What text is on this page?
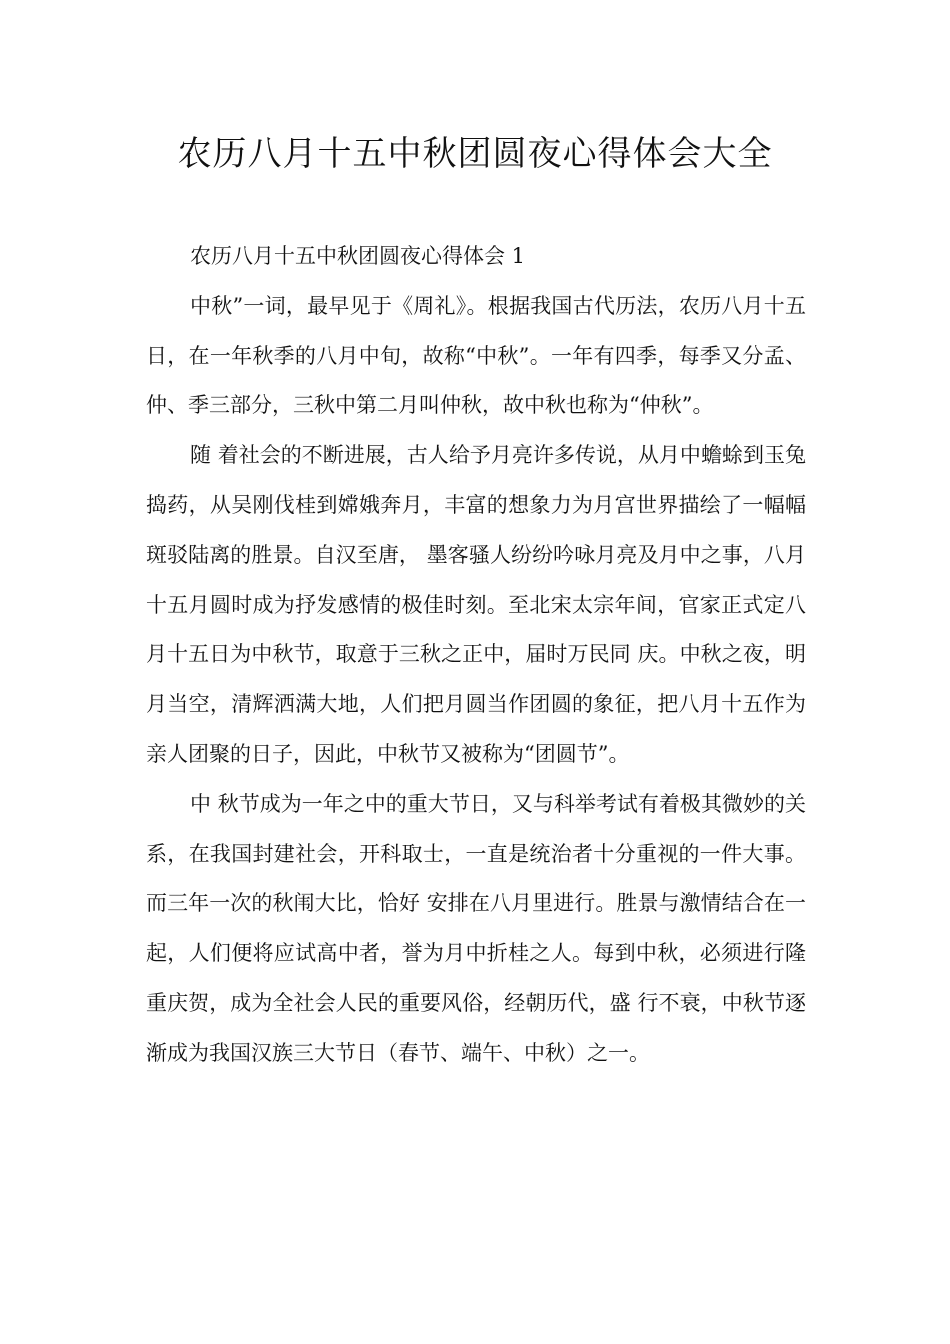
农历八月十五中秋团圆夜心得体会大全

农历八月十五中秋团圆夜心得体会 1

中秋”一词，最早见于《周礼》。根据我国古代历法，农历八月十五日，在一年秋季的八月中旬，故称“中秋”。一年有四季，每季又分孟、仲、季三部分，三秋中第二月叫仲秋，故中秋也称为“仲秋”。

随 着社会的不断进展，古人给予月亮许多传说，从月中蟾蜍到玉兔捣药，从吴刚伐桂到嫦娥奔月，丰富的想象力为月宫世界描绘了一幅幅斑驳陆离的胜景。自汉至唐， 墨客骚人纷纷吟咏月亮及月中之事，八月十五月圆时成为抒发感情的极佳时刻。至北宋太宗年间，官家正式定八月十五日为中秋节，取意于三秋之正中，届时万民同 庆。中秋之夜，明月当空，清辉洒满大地，人们把月圆当作团圆的象征，把八月十五作为亲人团聚的日子，因此，中秋节又被称为“团圆节”。

中 秋节成为一年之中的重大节日，又与科举考试有着极其微妙的关系，在我国封建社会，开科取士，一直是统治者十分重视的一件大事。而三年一次的秋闱大比，恰好 安排在八月里进行。胜景与激情结合在一起，人们便将应试高中者，誉为月中折桂之人。每到中秋，必须进行隆重庆贺，成为全社会人民的重要风俗，经朝历代，盛 行不衰，中秋节逐渐成为我国汉族三大节日（春节、端午、中秋）之一。
